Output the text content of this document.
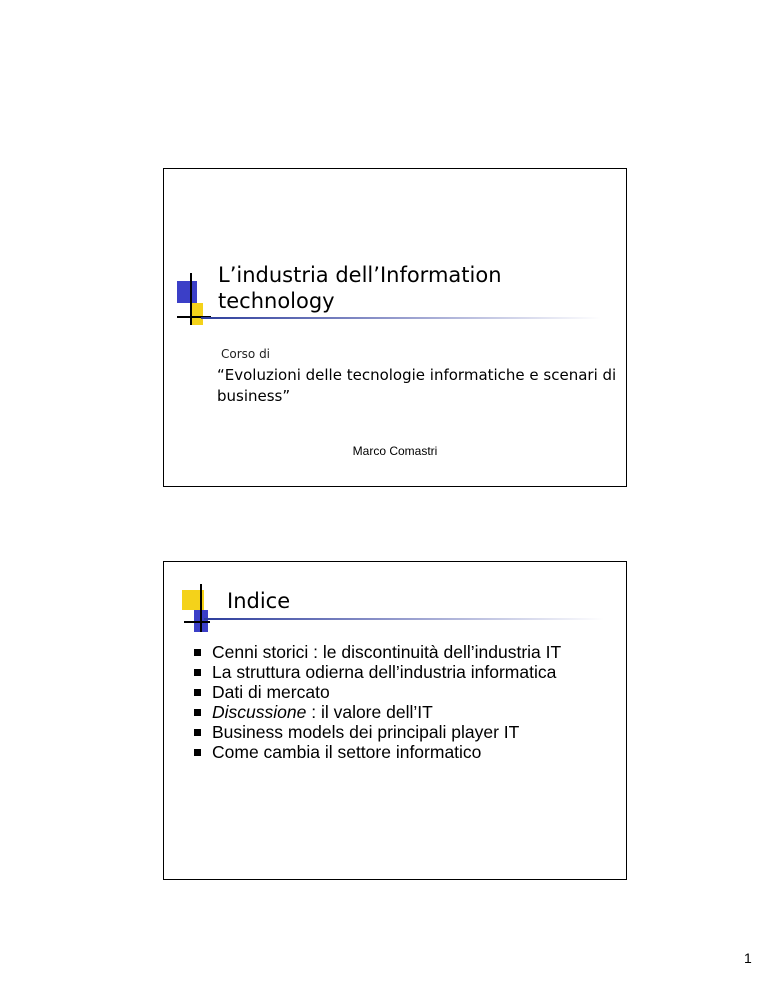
L’industria dell’Information technology
Corso di
“Evoluzioni delle tecnologie informatiche e scenari di business”
Marco Comastri
Indice
Cenni storici : le discontinuità dell’industria IT
La struttura odierna dell’industria informatica
Dati di mercato
Discussione : il valore dell’IT
Business models dei principali player IT
Come cambia il settore informatico
1
